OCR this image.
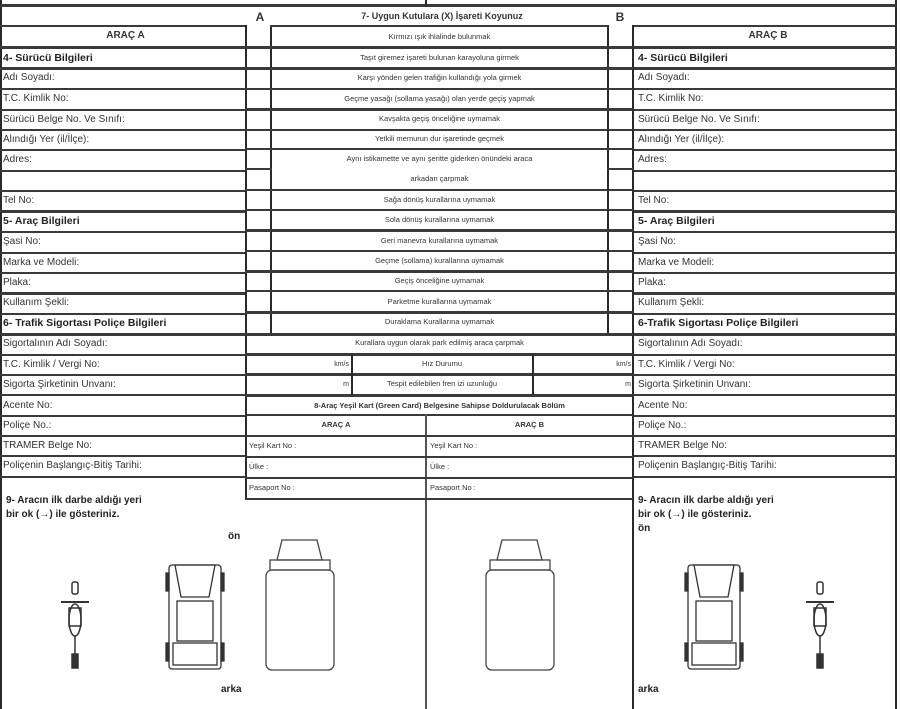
A	B
7- Uygun Kutulara (X) İşareti Koyunuz
ARAÇ A
4- Sürücü Bilgileri
Adı Soyadı:
T.C. Kimlik No:
Sürücü Belge No. Ve Sınıfı:
Alındığı Yer (il/İlçe):
Adres:
Tel No:
5- Araç Bilgileri
Şasi No:
Marka ve Modeli:
Plaka:
Kullanım Şekli:
6- Trafik Sigortası Poliçe Bilgileri
Sigortalının Adı Soyadı:
T.C. Kimlik / Vergi No:
Sigorta Şirketinin Unvanı:
Acente No:
Poliçe No.:
TRAMER Belge No:
Poliçenin Başlangıç-Bitiş Tarihi:
ARAÇ B
4- Sürücü Bilgileri
Adı Soyadı:
T.C. Kimlik No:
Sürücü Belge No. Ve Sınıfı:
Alındığı Yer (il/İlçe):
Adres:
Tel No:
5- Araç Bilgileri
Şasi No:
Marka ve Modeli:
Plaka:
Kullanım Şekli:
6-Trafik Sigortası Poliçe Bilgileri
Sigortalının Adı Soyadı:
T.C. Kimlik / Vergi No:
Sigorta Şirketinin Unvanı:
Acente No:
Poliçe No.:
TRAMER Belge No:
Poliçenin Başlangıç-Bitiş Tarihi:
Kırmızı ışık ihlalinde bulunmak
Taşıt giremez işareti bulunan karayoluna girmek
Karşı yönden gelen trafiğin kullandığı yola girmek
Geçme yasağı (sollama yasağı) olan yerde geçiş yapmak
Kavşakta geçiş önceliğine uymamak
Yetkili memurun dur işaretinde geçmek
Aynı istikamette ve aynı şeritte giderken önündeki araca
arkadan çarpmak
Sağa dönüş kurallarına uymamak
Sola dönüş kurallarına uymamak
Geri manevra kurallarına uymamak
Geçme (sollama) kurallarına uymamak
Geçiş önceliğine uymamak
Parketme kurallarına uymamak
Duraklama Kurallarına uymamak
Kurallara uygun olarak park edilmiş araca çarpmak
km/s	Hız Durumu	km/s
m	Tespit edilebilen fren izi uzunluğu	m
8-Araç Yeşil Kart (Green Card) Belgesine Sahipse Doldurulacak Bölüm
ARAÇ A	ARAÇ B
Yeşil Kart No :	Yeşil Kart No :
Ülke :	Ülke :
Pasaport No :	Pasaport No :
9- Aracın ilk darbe aldığı yeri
bir ok (→) ile gösteriniz.
ön
arka
9- Aracın ilk darbe aldığı yeri
bir ok (→) ile gösteriniz.
ön
arka
